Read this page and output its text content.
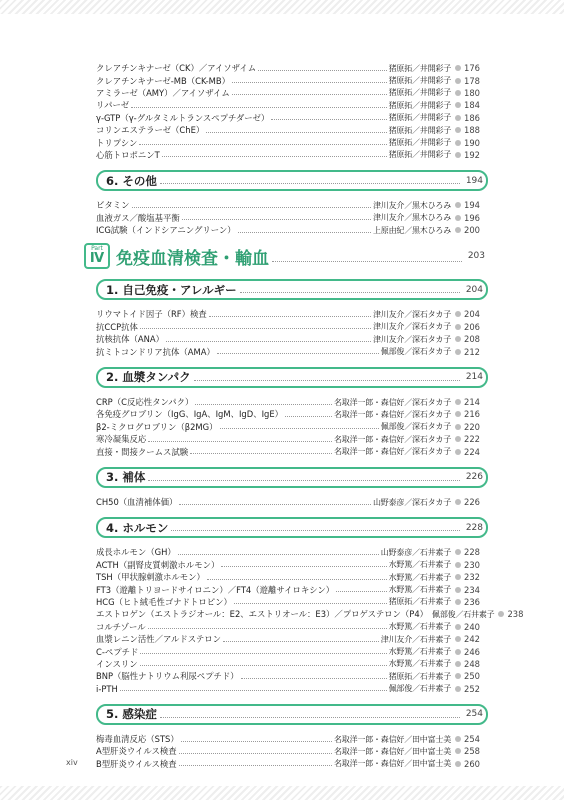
クレアチンキナーゼ（CK）／アイソザイム	猪原拓／井開彩子 176
クレアチンキナーゼ-MB（CK-MB）	猪原拓／井開彩子 178
アミラーゼ（AMY）／アイソザイム	猪原拓／井開彩子 180
リパーゼ	猪原拓／井開彩子 184
γ-GTP（γ-グルタミルトランスペプチダーゼ）	猪原拓／井開彩子 186
コリンエステラーゼ（ChE）	猪原拓／井開彩子 188
トリプシン	猪原拓／井開彩子 190
心筋トロポニンT	猪原拓／井開彩子 192
6. その他	194
ビタミン	津川友介／黒木ひろみ 194
血液ガス／酸塩基平衡	津川友介／黒木ひろみ 196
ICG試験（インドシアニングリーン）	上原由紀／黒木ひろみ 200
Part
Ⅳ 免疫血清検査・輸血	203
1. 自己免疫・アレルギー	204
リウマトイド因子（RF）検査	津川友介／深石タカ子 204
抗CCP抗体	津川友介／深石タカ子 206
抗核抗体（ANA）	津川友介／深石タカ子 208
抗ミトコンドリア抗体（AMA）	佩部俊／深石タカ子 212
2. 血漿タンパク	214
CRP（C反応性タンパク）	名取洋一郎・森信好／深石タカ子 214
各免疫グロブリン（IgG、IgA、IgM、IgD、IgE）	名取洋一郎・森信好／深石タカ子 216
β2-ミクログロブリン（β2MG）	佩部俊／深石タカ子 220
寒冷凝集反応	名取洋一郎・森信好／深石タカ子 222
直接・間接クームス試験	名取洋一郎・森信好／深石タカ子 224
3. 補体	226
CH50（血清補体価）	山野泰彦／深石タカ子 226
4. ホルモン	228
成長ホルモン（GH）	山野泰彦／石井素子 228
ACTH（副腎皮質刺激ホルモン）	水野篤／石井素子 230
TSH（甲状腺刺激ホルモン）	水野篤／石井素子 232
FT3（遊離トリヨードサイロニン）／FT4（遊離サイロキシン）	水野篤／石井素子 234
HCG（ヒト絨毛性ゴナドトロピン）	猪原拓／石井素子 236
エストロゲン（エストラジオール：E2、エストリオール：E3）／プロゲステロン（P4） 佩部俊／石井素子 238
コルチゾール	水野篤／石井素子 240
血漿レニン活性／アルドステロン	津川友介／石井素子 242
C-ペプチド	水野篤／石井素子 246
インスリン	水野篤／石井素子 248
BNP（脳性ナトリウム利尿ペプチド）	猪原拓／石井素子 250
i-PTH	佩部俊／石井素子 252
5. 感染症	254
梅毒血清反応（STS）	名取洋一郎・森信好／田中富士美 254
A型肝炎ウイルス検査	名取洋一郎・森信好／田中富士美 258
B型肝炎ウイルス検査	名取洋一郎・森信好／田中富士美 260
xiv
